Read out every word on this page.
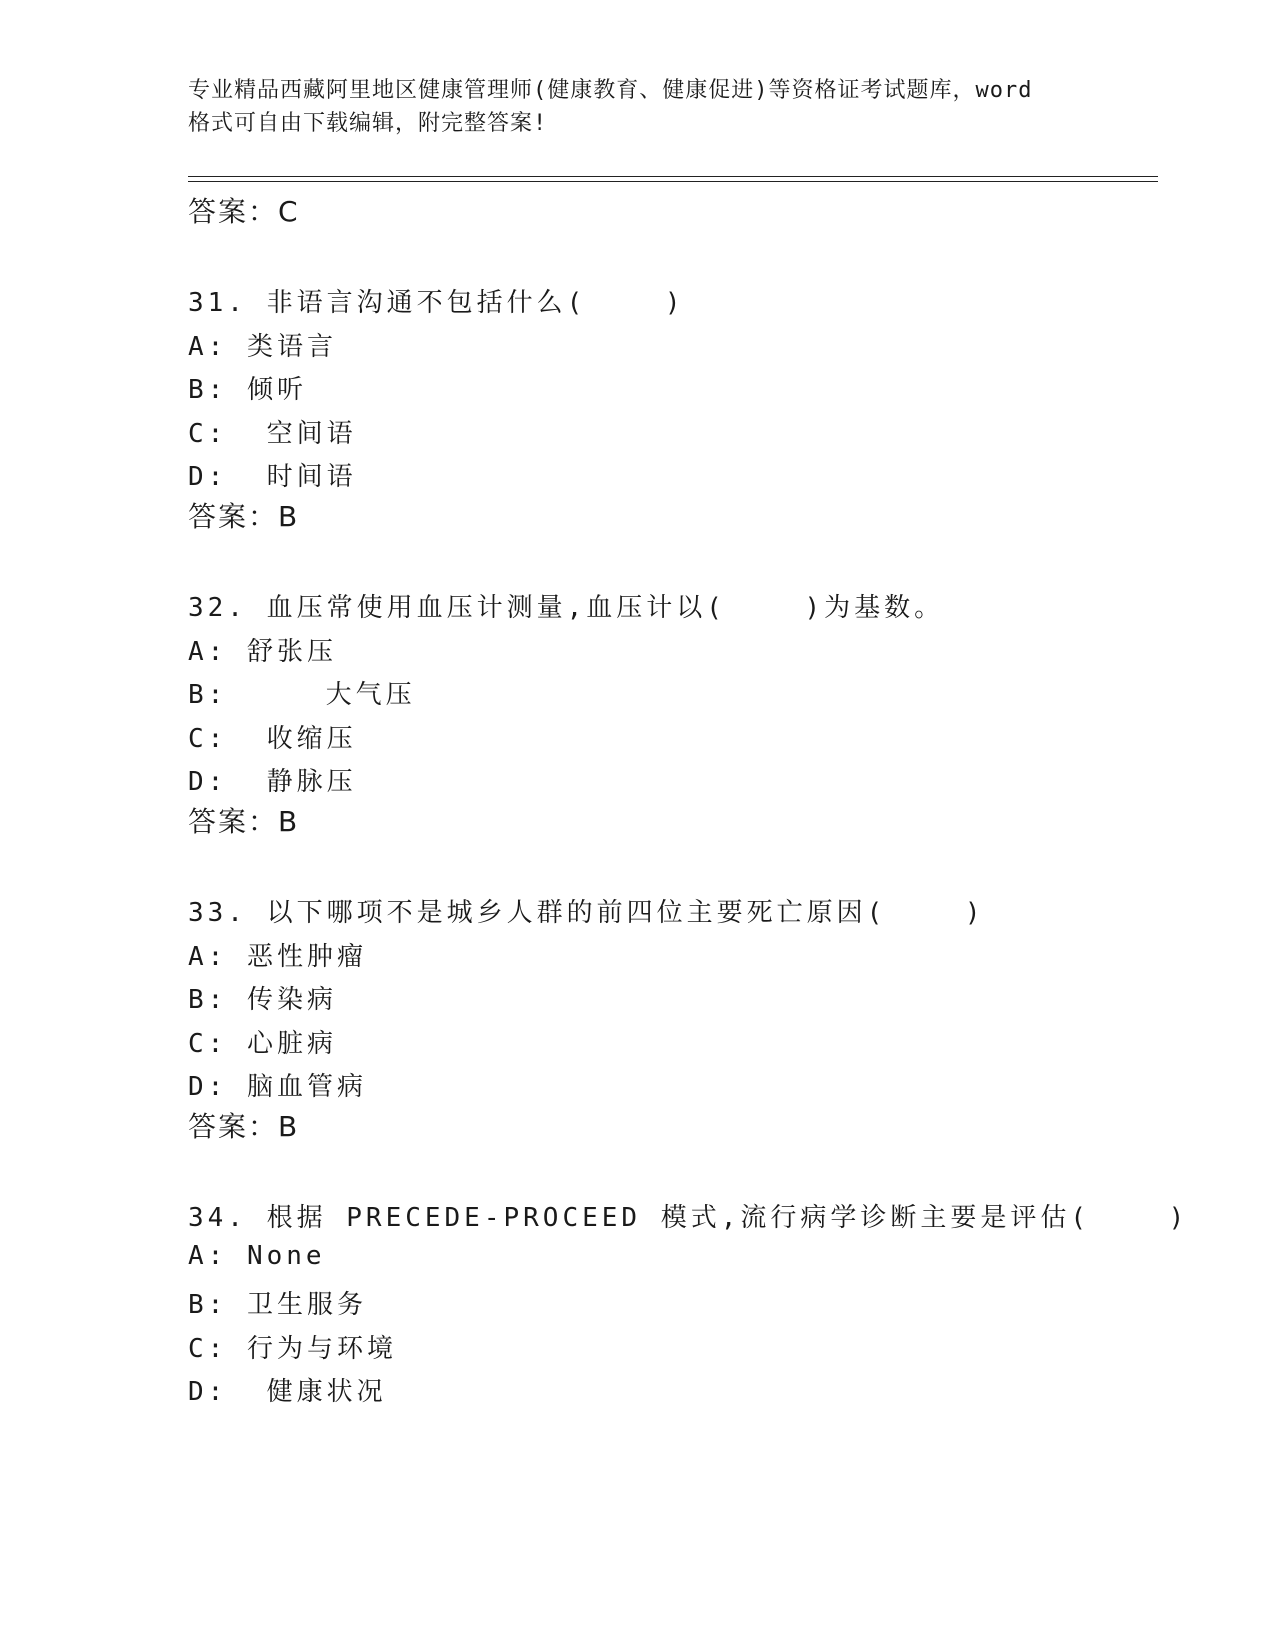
专业精品西藏阿里地区健康管理师(健康教育、健康促进)等资格证考试题库，word
格式可自由下载编辑，附完整答案!
答案：C
31. 非语言沟通不包括什么(    )
A: 类语言
B: 倾听
C:  空间语
D:  时间语
答案：B
32. 血压常使用血压计测量,血压计以(    )为基数。
A: 舒张压
B:     大气压
C:  收缩压
D:  静脉压
答案：B
33. 以下哪项不是城乡人群的前四位主要死亡原因(    )
A: 恶性肿瘤
B: 传染病
C: 心脏病
D: 脑血管病
答案：B
34. 根据 PRECEDE-PROCEED 模式,流行病学诊断主要是评估(    )
A: None
B: 卫生服务
C: 行为与环境
D:  健康状况
